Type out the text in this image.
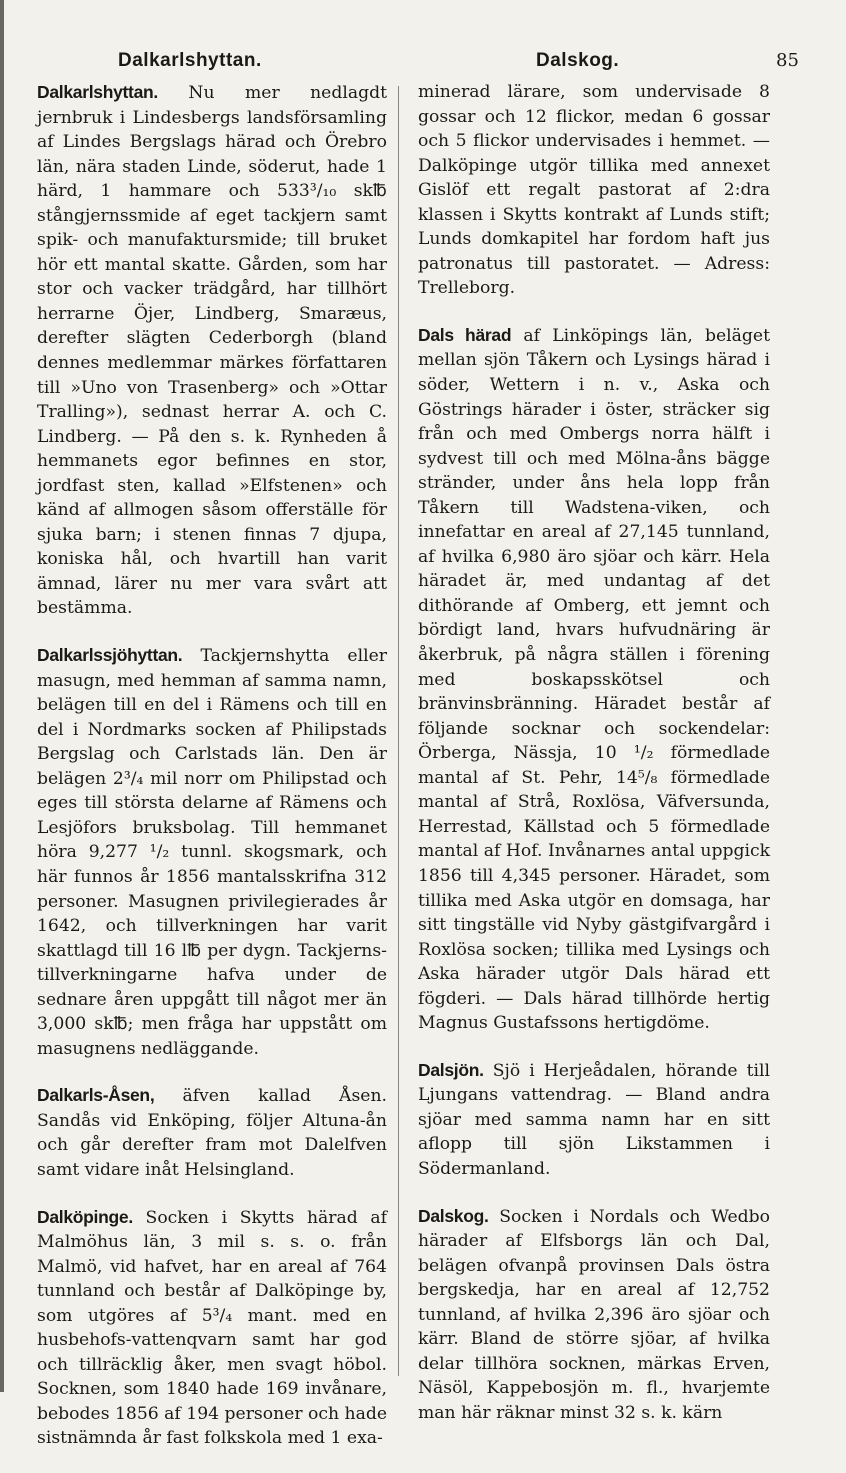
Dalkarlshyttan.	Dalskog.	85

Dalkarlshyttan. Nu mer nedlagdt jernbruk i Lindesbergs landsförsamling af Lindes Bergslags härad och Örebro län, nära staden Linde, söderut, hade 1 härd, 1 hammare och 533³/₁₀ sk℔ stångjernssmide af eget tackjern samt spik- och manufaktursmide; till bruket hör ett mantal skatte. Gården, som har stor och vacker trädgård, har tillhört herrarne Öjer, Lindberg, Smaræus, derefter slägten Cederborgh (bland dennes medlemmar märkes författaren till »Uno von Trasenberg» och »Ottar Tralling»), sednast herrar A. och C. Lindberg. — På den s. k. Rynheden å hemmanets egor befinnes en stor, jordfast sten, kallad »Elfstenen» och känd af allmogen såsom offerställe för sjuka barn; i stenen finnas 7 djupa, koniska hål, och hvartill han varit ämnad, lärer nu mer vara svårt att bestämma.

Dalkarlssjöhyttan. Tackjernshytta eller masugn, med hemman af samma namn, belägen till en del i Rämens och till en del i Nordmarks socken af Philipstads Bergslag och Carlstads län. Den är belägen 2³/₄ mil norr om Philipstad och eges till största delarne af Rämens och Lesjöfors bruksbolag. Till hemmanet höra 9,277 ¹/₂ tunnl. skogsmark, och här funnos år 1856 mantalsskrifna 312 personer. Masugnen privilegierades år 1642, och tillverkningen har varit skattlagd till 16 l℔ per dygn. Tackjerns-tillverkningarne hafva under de sednare åren uppgått till något mer än 3,000 sk℔; men fråga har uppstått om masugnens nedläggande.

Dalkarls-Åsen, äfven kallad Åsen. Sandås vid Enköping, följer Altuna-ån och går derefter fram mot Dalelfven samt vidare inåt Helsingland.

Dalköpinge. Socken i Skytts härad af Malmöhus län, 3 mil s. s. o. från Malmö, vid hafvet, har en areal af 764 tunnland och består af Dalköpinge by, som utgöres af 5³/₄ mant. med en husbehofs-vattenqvarn samt har god och tillräcklig åker, men svagt höbol. Socknen, som 1840 hade 169 invånare, bebodes 1856 af 194 personer och hade sistnämnda år fast folkskola med 1 exa-

minerad lärare, som undervisade 8 gossar och 12 flickor, medan 6 gossar och 5 flickor undervisades i hemmet. — Dalköpinge utgör tillika med annexet Gislöf ett regalt pastorat af 2:dra klassen i Skytts kontrakt af Lunds stift; Lunds domkapitel har fordom haft jus patronatus till pastoratet. — Adress: Trelleborg.

Dals härad af Linköpings län, beläget mellan sjön Tåkern och Lysings härad i söder, Wettern i n. v., Aska och Göstrings härader i öster, sträcker sig från och med Ombergs norra hälft i sydvest till och med Mölna-åns bägge stränder, under åns hela lopp från Tåkern till Wadstena-viken, och innefattar en areal af 27,145 tunnland, af hvilka 6,980 äro sjöar och kärr. Hela häradet är, med undantag af det dithörande af Omberg, ett jemnt och bördigt land, hvars hufvudnäring är åkerbruk, på några ställen i förening med boskapsskötsel och bränvinsbränning. Häradet består af följande socknar och sockendelar: Örberga, Nässja, 10 ¹/₂ förmedlade mantal af St. Pehr, 14⁵/₈ förmedlade mantal af Strå, Roxlösa, Väfversunda, Herrestad, Källstad och 5 förmedlade mantal af Hof. Invånarnes antal uppgick 1856 till 4,345 personer. Häradet, som tillika med Aska utgör en domsaga, har sitt tingställe vid Nyby gästgifvargård i Roxlösa socken; tillika med Lysings och Aska härader utgör Dals härad ett fögderi. — Dals härad tillhörde hertig Magnus Gustafssons hertigdöme.

Dalsjön. Sjö i Herjeådalen, hörande till Ljungans vattendrag. — Bland andra sjöar med samma namn har en sitt aflopp till sjön Likstammen i Södermanland.

Dalskog. Socken i Nordals och Wedbo härader af Elfsborgs län och Dal, belägen ofvanpå provinsen Dals östra bergskedja, har en areal af 12,752 tunnland, af hvilka 2,396 äro sjöar och kärr. Bland de större sjöar, af hvilka delar tillhöra socknen, märkas Erven, Näsöl, Kappebosjön m. fl., hvarjemte man här räknar minst 32 s. k. kärn
